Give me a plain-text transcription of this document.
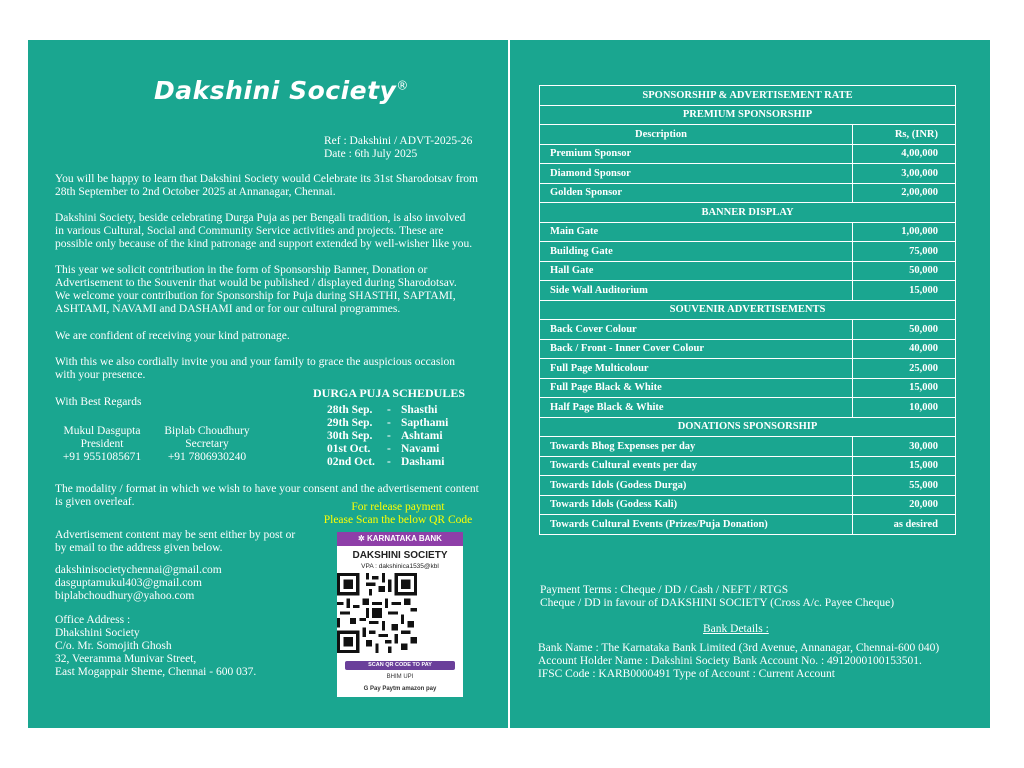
Dakshini Society®
Ref : Dakshini / ADVT-2025-26
Date : 6th July 2025
You will be happy to learn that Dakshini Society would Celebrate its 31st Sharodotsav from
28th September to 2nd October 2025 at Annanagar, Chennai.
Dakshini Society, beside celebrating Durga Puja as per Bengali tradition, is also involved
in various Cultural, Social and Community Service activities and projects. These are
possible only because of the kind patronage and support extended by well-wisher like you.
This year we solicit contribution in the form of Sponsorship Banner, Donation or
Advertisement to the Souvenir that would be published / displayed during Sharodotsav.
We welcome your contribution for Sponsorship for Puja during SHASTHI, SAPTAMI,
ASHTAMI, NAVAMI and DASHAMI and or for our cultural programmes.
We are confident of receiving your kind patronage.
With this we also cordially invite you and your family to grace the auspicious occasion
with your presence.
With Best Regards
Mukul Dasgupta
President
+91 9551085671
Biplab Choudhury
Secretary
+91 7806930240
DURGA PUJA SCHEDULES
28th Sep. - Shasthi
29th Sep. - Sapthami
30th Sep. - Ashtami
01st Oct. - Navami
02nd Oct. - Dashami
The modality / format in which we wish to have your consent and the advertisement content
is given overleaf.	For release payment
Please Scan the below QR Code
Advertisement content may be sent either by post or
by email to the address given below.
dakshinisocietychennai@gmail.com
dasguptamukul403@gmail.com
biplabchoudhury@yahoo.com
Office Address :
Dhakshini Society
C/o. Mr. Somojith Ghosh
32, Veeramma Munivar Street,
East Mogappair Sheme, Chennai - 600 037.
✲ KARNATAKA BANK
DAKSHINI SOCIETY
VPA : dakshinica1535@kbl
SCAN QR CODE TO PAY
BHIM UPI
G Pay Paytm amazon pay
SPONSORSHIP & ADVERTISEMENT RATE	
PREMIUM SPONSORSHIP	
Description	Rs, (INR)
Premium Sponsor	4,00,000
Diamond Sponsor	3,00,000
Golden Sponsor	2,00,000
BANNER DISPLAY	
Main Gate	1,00,000
Building Gate	75,000
Hall Gate	50,000
Side Wall Auditorium	15,000
SOUVENIR ADVERTISEMENTS	
Back Cover Colour	50,000
Back / Front - Inner Cover Colour	40,000
Full Page Multicolour	25,000
Full Page Black & White	15,000
Half Page Black & White	10,000
DONATIONS SPONSORSHIP	
Towards Bhog Expenses per day	30,000
Towards Cultural events per day	15,000
Towards Idols (Godess Durga)	55,000
Towards Idols (Godess Kali)	20,000
Towards Cultural Events (Prizes/Puja Donation)	as desired
Payment Terms : Cheque / DD / Cash / NEFT / RTGS
Cheque / DD in favour of DAKSHINI SOCIETY (Cross A/c. Payee Cheque)
Bank Details :
Bank Name : The Karnataka Bank Limited (3rd Avenue, Annanagar, Chennai-600 040)
Account Holder Name : Dakshini Society Bank Account No. : 4912000100153501.
IFSC Code : KARB0000491 Type of Account : Current Account
